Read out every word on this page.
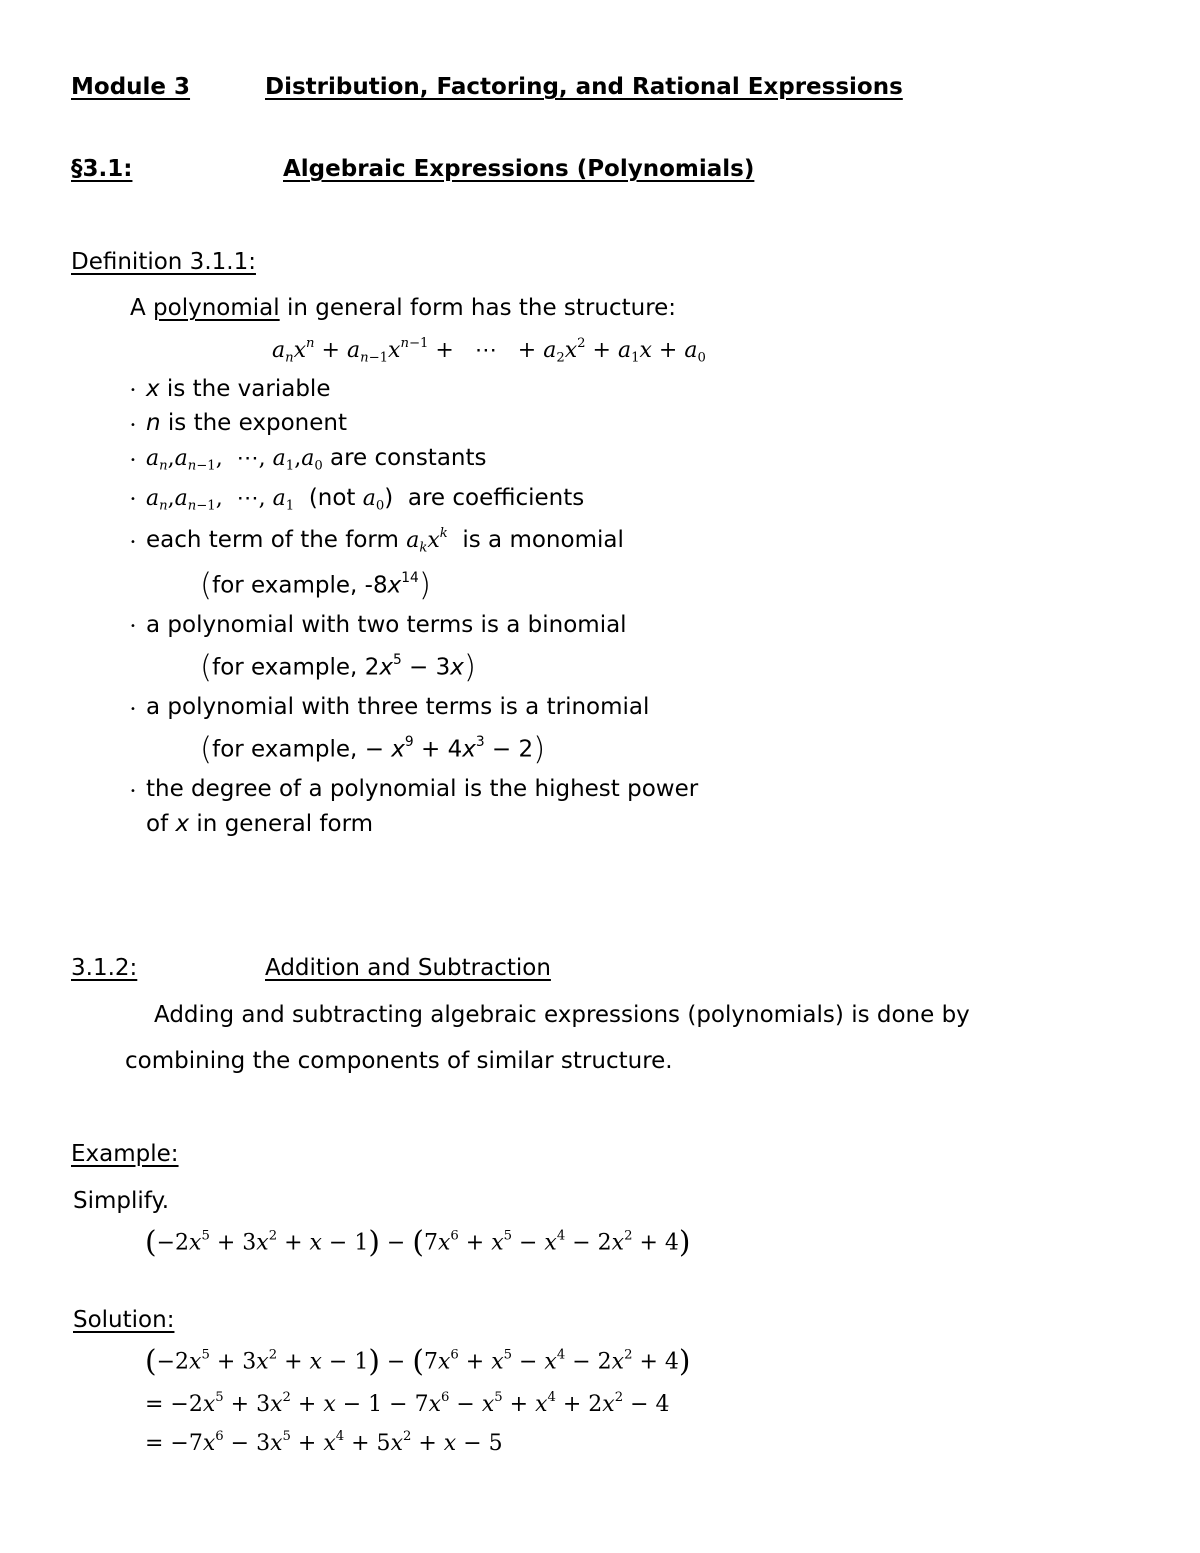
Module 3	Distribution, Factoring, and Rational Expressions
§3.1:	Algebraic Expressions (Polynomials)
Definition 3.1.1:
A polynomial in general form has the structure:
$a_nx^n + a_{n-1}x^{n-1}$ +   ⋯   + $a_2x^2 + a_1x + a_0$
• x is the variable
• n is the exponent
• $a_n,a_{n-1}$,  ⋯, $a_1,a_0$ are constants
• $a_n,a_{n-1}$,  ⋯, $a_1$ (not $a_0$)  are coefficients
• each term of the form $a_kx^k$ is a monomial
(for example, $-8x^{14}$)
• a polynomial with two terms is a binomial
(for example, $2x^5 - 3x$)
• a polynomial with three terms is a trinomial
(for example, − $x^9 + 4x^3 - 2$)
• the degree of a polynomial is the highest power
of x in general form
3.1.2:	Addition and Subtraction
Adding and subtracting algebraic expressions (polynomials) is done by
combining the components of similar structure.
Example:
Simplify.
$(-2x^5 + 3x^2 + x - 1) - (7x^6 + x^5 - x^4 - 2x^2 + 4)$
Solution:
$(-2x^5 + 3x^2 + x - 1) - (7x^6 + x^5 - x^4 - 2x^2 + 4)$
= $-2x^5 + 3x^2 + x - 1 - 7x^6 - x^5 + x^4 + 2x^2 - 4$
= $-7x^6 - 3x^5 + x^4 + 5x^2 + x - 5$
